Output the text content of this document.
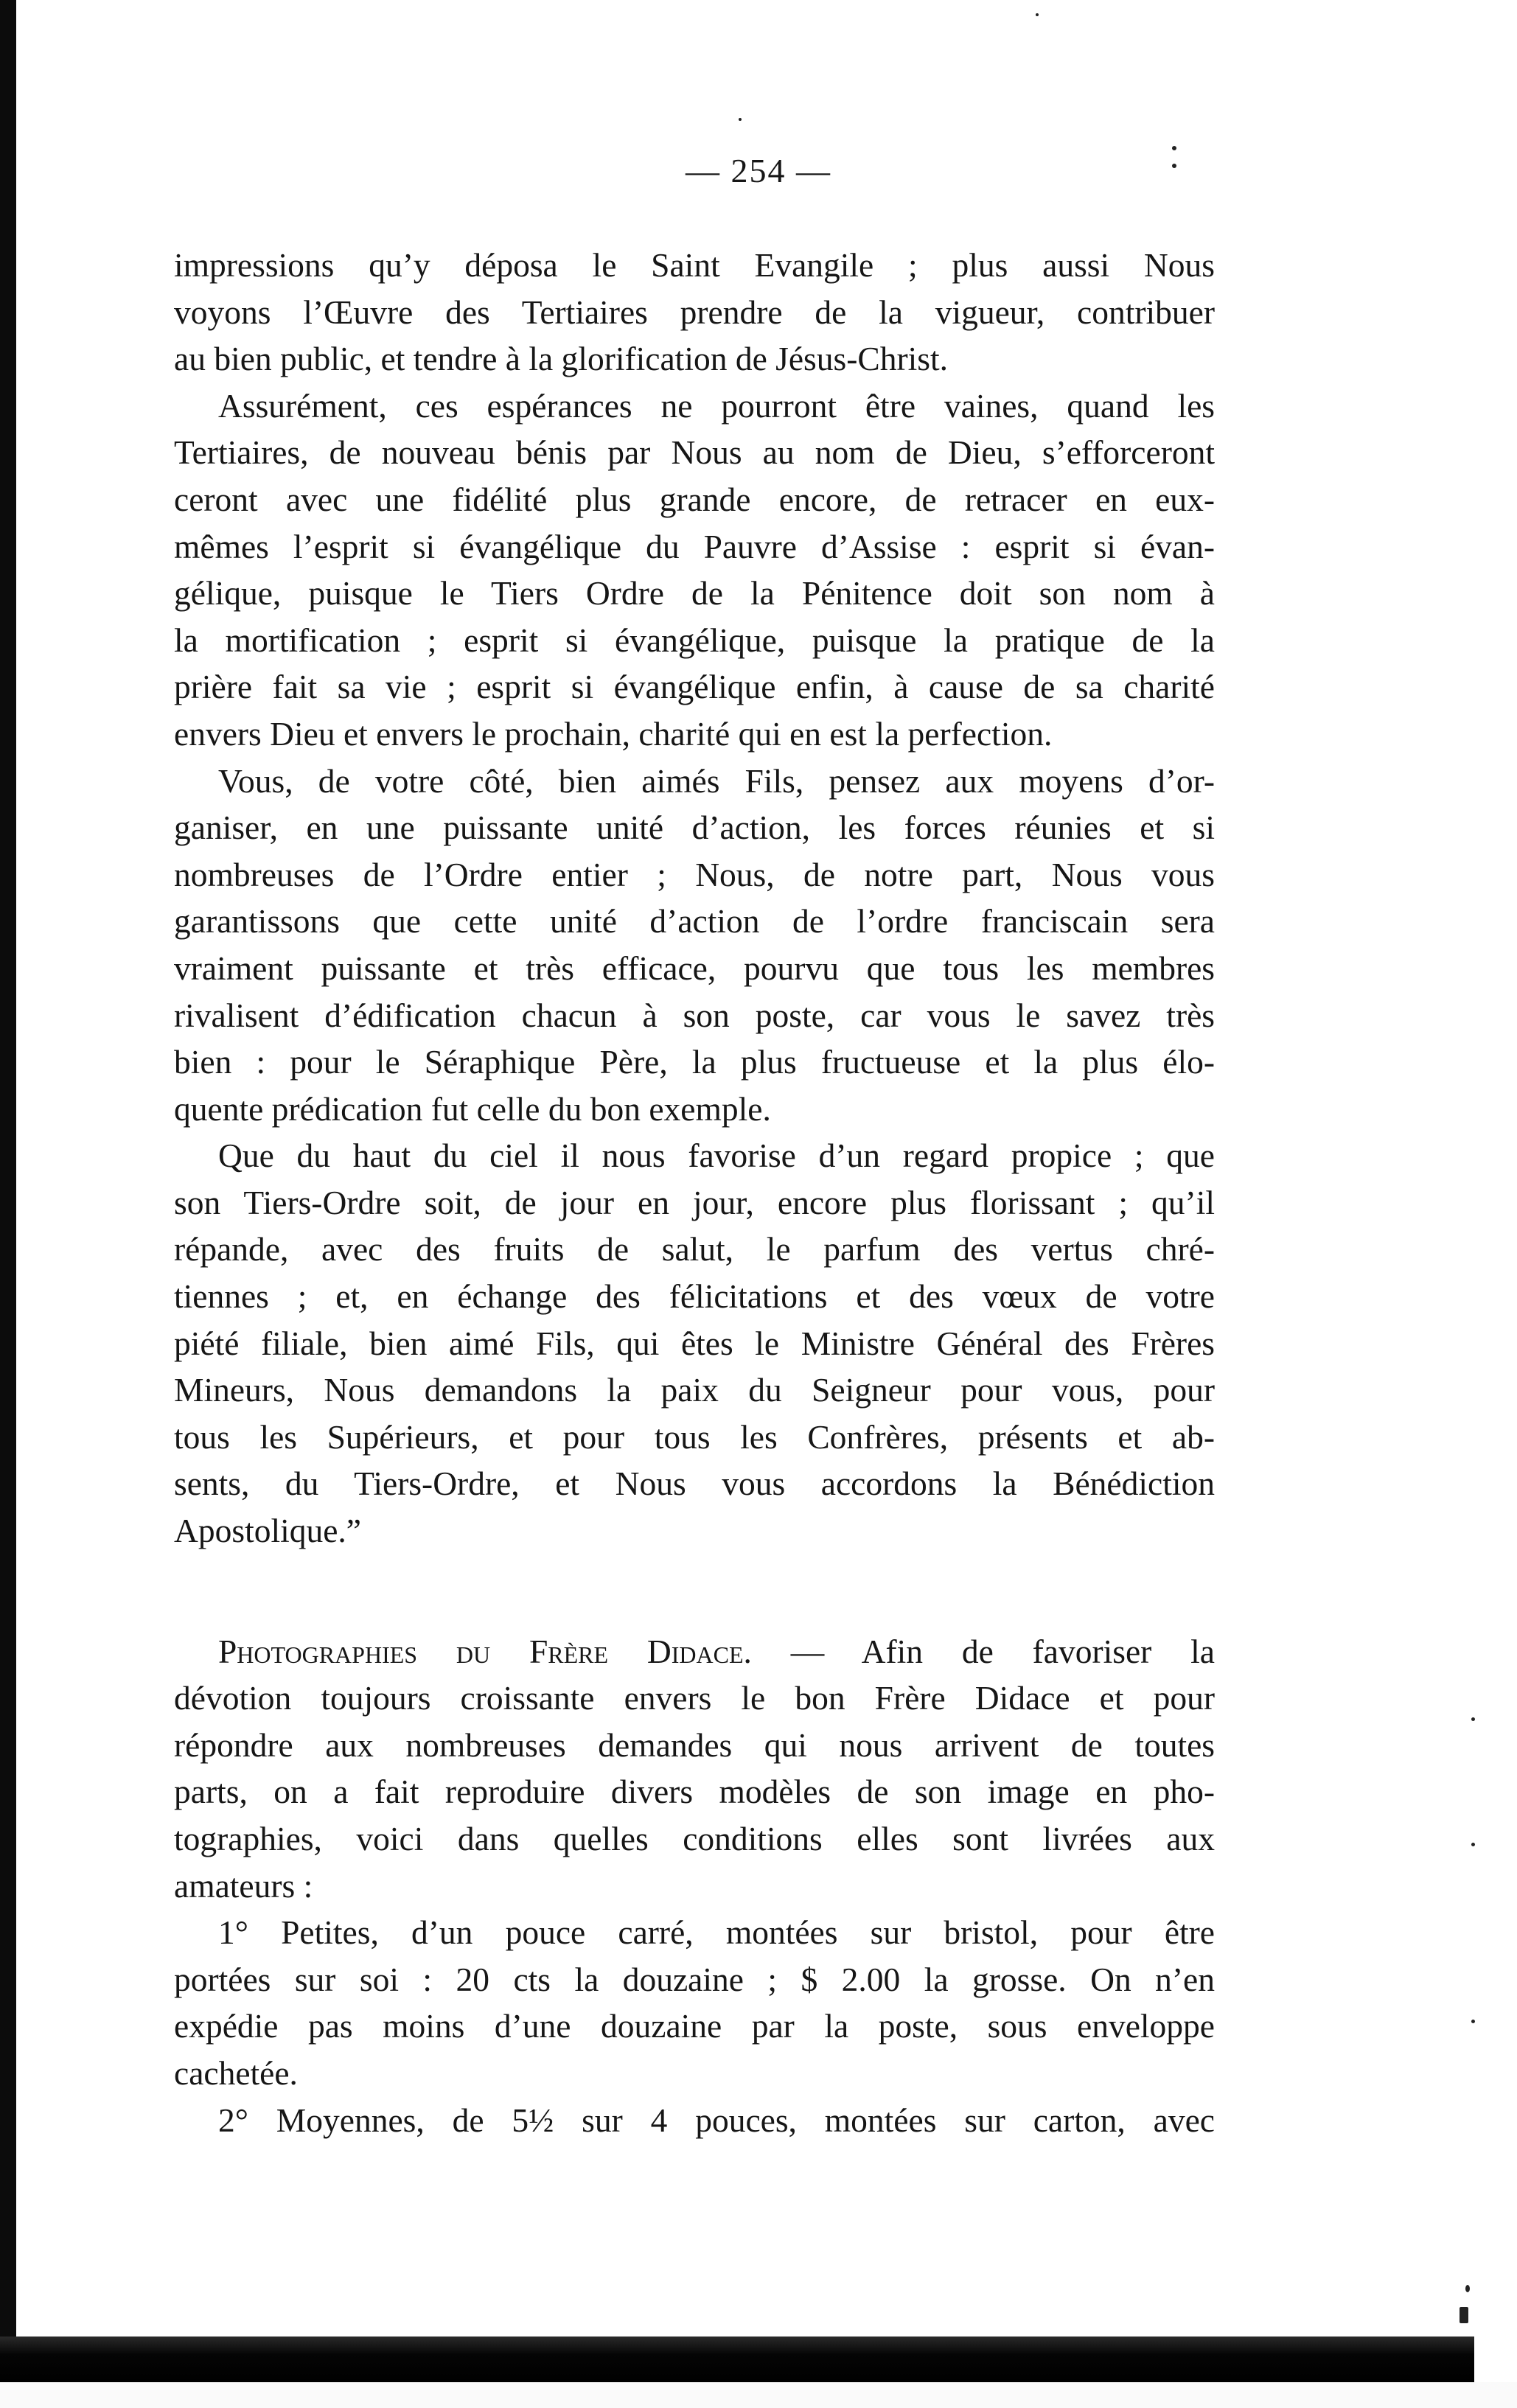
— 254 —
impressions qu’y déposa le Saint Evangile ; plus aussi Nous
voyons l’Œuvre des Tertiaires prendre de la vigueur, contribuer
au bien public, et tendre à la glorification de Jésus-Christ.
Assurément, ces espérances ne pourront être vaines, quand les
Tertiaires, de nouveau bénis par Nous au nom de Dieu, s’efforceront
ceront avec une fidélité plus grande encore, de retracer en eux-
mêmes l’esprit si évangélique du Pauvre d’Assise : esprit si évan-
gélique, puisque le Tiers Ordre de la Pénitence doit son nom à
la mortification ; esprit si évangélique, puisque la pratique de la
prière fait sa vie ; esprit si évangélique enfin, à cause de sa charité
envers Dieu et envers le prochain, charité qui en est la perfection.
Vous, de votre côté, bien aimés Fils, pensez aux moyens d’or-
ganiser, en une puissante unité d’action, les forces réunies et si
nombreuses de l’Ordre entier ; Nous, de notre part, Nous vous
garantissons que cette unité d’action de l’ordre franciscain sera
vraiment puissante et très efficace, pourvu que tous les membres
rivalisent d’édification chacun à son poste, car vous le savez très
bien : pour le Séraphique Père, la plus fructueuse et la plus élo-
quente prédication fut celle du bon exemple.
Que du haut du ciel il nous favorise d’un regard propice ; que
son Tiers-Ordre soit, de jour en jour, encore plus florissant ; qu’il
répande, avec des fruits de salut, le parfum des vertus chré-
tiennes ; et, en échange des félicitations et des vœux de votre
piété filiale, bien aimé Fils, qui êtes le Ministre Général des Frères
Mineurs, Nous demandons la paix du Seigneur pour vous, pour
tous les Supérieurs, et pour tous les Confrères, présents et ab-
sents, du Tiers-Ordre, et Nous vous accordons la Bénédiction
Apostolique.”
Photographies du Frère Didace. — Afin de favoriser la
dévotion toujours croissante envers le bon Frère Didace et pour
répondre aux nombreuses demandes qui nous arrivent de toutes
parts, on a fait reproduire divers modèles de son image en pho-
tographies, voici dans quelles conditions elles sont livrées aux
amateurs :
1° Petites, d’un pouce carré, montées sur bristol, pour être
portées sur soi : 20 cts la douzaine ; $ 2.00 la grosse. On n’en
expédie pas moins d’une douzaine par la poste, sous enveloppe
cachetée.
2° Moyennes, de 5½ sur 4 pouces, montées sur carton, avec
